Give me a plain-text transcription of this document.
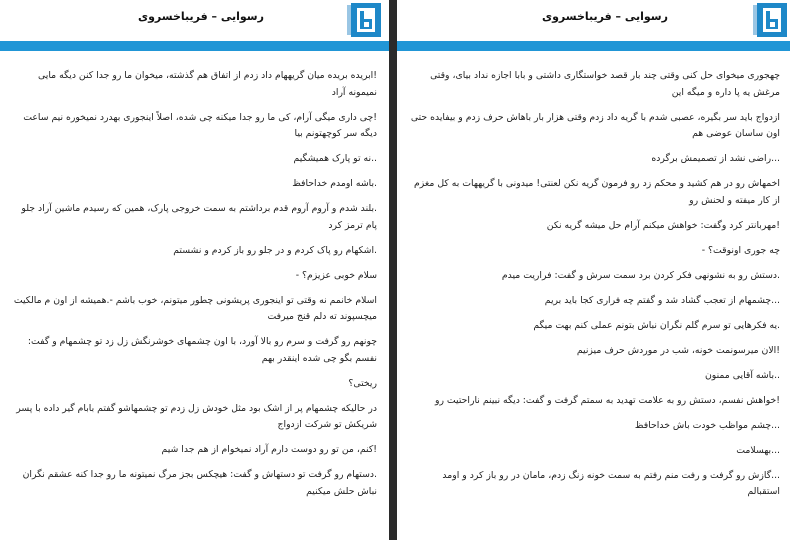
رسوایی – فریباخسروی

!ابریده بریده میان گریههام داد زدم از اتفاق هم گذشته، میخوان ما رو جدا کنن دیگه مایی نمیمونه آراد

!چی داری میگی آرام، کی ما رو جدا میکنه چی شده، اصلاً اینجوری بهدرد نمیخوره نیم ساعت دیگه سر کوچهتونم بیا

..نه تو پارک همیشگیم

.باشه اومدم خداحافظ

.بلند شدم و آروم آروم قدم برداشتم به سمت خروجی پارک، همین که رسیدم ماشین آراد جلو پام ترمز کرد

.اشکهام رو پاک کردم و در جلو رو باز کردم و نشستم

سلام خوبی عزیزم؟ -

اسلام خانمم نه وقتی تو اینجوری پریشونی چطور میتونم، خوب باشم -.همیشه از اون م مالکیت میچسپوند ته دلم قنج میرفت

چونهم رو گرفت و سرم رو بالا آورد، با اون چشمهای خوشرنگش زل زد تو چشمهام و گفت: نفسم بگو چی شده اینقدر بهم

ریختی؟

در حالیکه چشمهام پر از اشک بود مثل خودش زل زدم تو چشمهاشو گفتم بابام گیر داده با پسر شریکش تو شرکت ازدواج

!کنم، من تو رو دوست دارم آراد نمیخوام از هم جدا شیم

.دستهام رو گرفت تو دستهاش و گفت: هیچکس بجز مرگ نمیتونه ما رو جدا کنه عشقم نگران نباش حلش میکنیم

رسوایی – فریباخسروی

چهجوری میخوای حل کنی وقتی چند بار قصد خواستگاری داشتی و بابا اجازه نداد بیای، وقتی مرغش یه پا داره و میگه این

ازدواج باید سر بگیره، عصبی شدم با گریه داد زدم وقتی هزار بار باهاش حرف زدم و بیفایده حتی اون ساسان عوضی هم

...راضی نشد از تصمیمش برگرده

اخمهاش رو در هم کشید و محکم زد رو فرمون گریه نکن لعنتی! میدونی با گریههات به کل مغزم از کار میفته و لحنش رو

!مهربانتر کرد وگفت: خواهش میکنم آرام حل میشه گریه نکن

چه جوری اونوقت؟ -

.دستش رو به نشونهی فکر کردن برد سمت سرش و گفت: فراریت میدم

...چشمهام از تعجب گشاد شد و گفتم چه فراری کجا باید بریم

.یه فکرهایی تو سرم گلم نگران نباش بتونم عملی کنم بهت میگم

!الان میرسونمت خونه، شب در موردش حرف میزنیم

..باشه آقایی ممنون

!خواهش نفسم، دستش رو به علامت تهدید به سمتم گرفت و گفت: دیگه نبینم ناراحتیت رو

...چشم مواظب خودت باش خداحافظ

...بهسلامت

...گازش رو گرفت و رفت منم رفتم به سمت خونه زنگ زدم، مامان در رو باز کرد و اومد استقبالم
